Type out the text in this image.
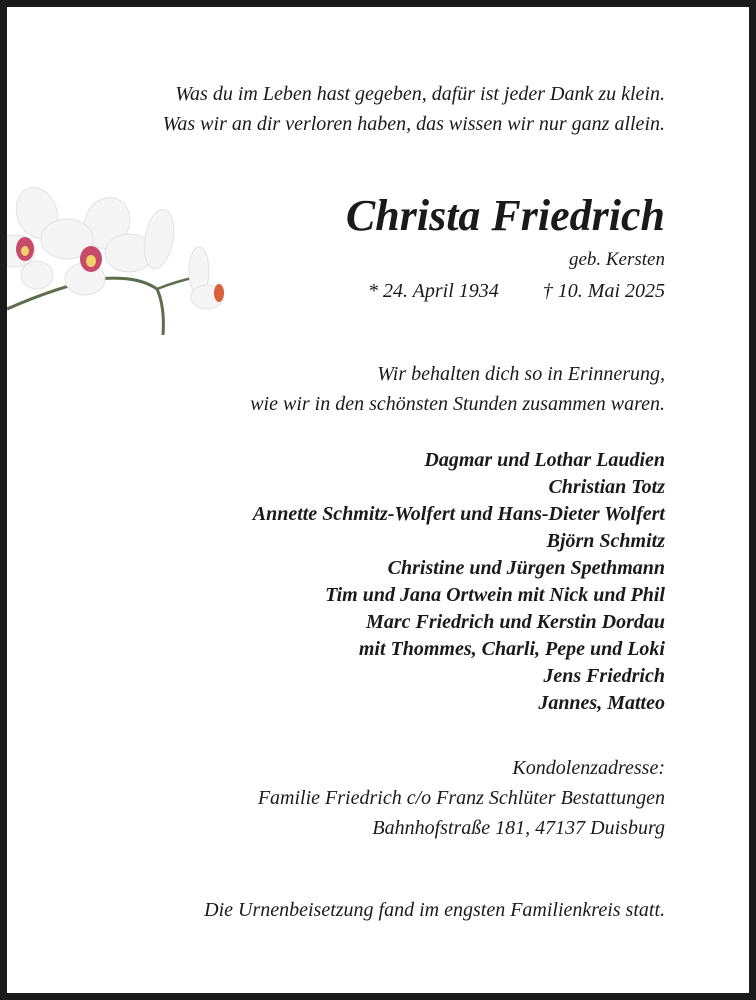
Was du im Leben hast gegeben, dafür ist jeder Dank zu klein.
Was wir an dir verloren haben, das wissen wir nur ganz allein.
Christa Friedrich
geb. Kersten
* 24. April 1934 † 10. Mai 2025
Wir behalten dich so in Erinnerung,
wie wir in den schönsten Stunden zusammen waren.
Dagmar und Lothar Laudien
Christian Totz
Annette Schmitz-Wolfert und Hans-Dieter Wolfert
Björn Schmitz
Christine und Jürgen Spethmann
Tim und Jana Ortwein mit Nick und Phil
Marc Friedrich und Kerstin Dordau
mit Thommes, Charli, Pepe und Loki
Jens Friedrich
Jannes, Matteo
Kondolenzadresse:
Familie Friedrich c/o Franz Schlüter Bestattungen
Bahnhofstraße 181, 47137 Duisburg
Die Urnenbeisetzung fand im engsten Familienkreis statt.
